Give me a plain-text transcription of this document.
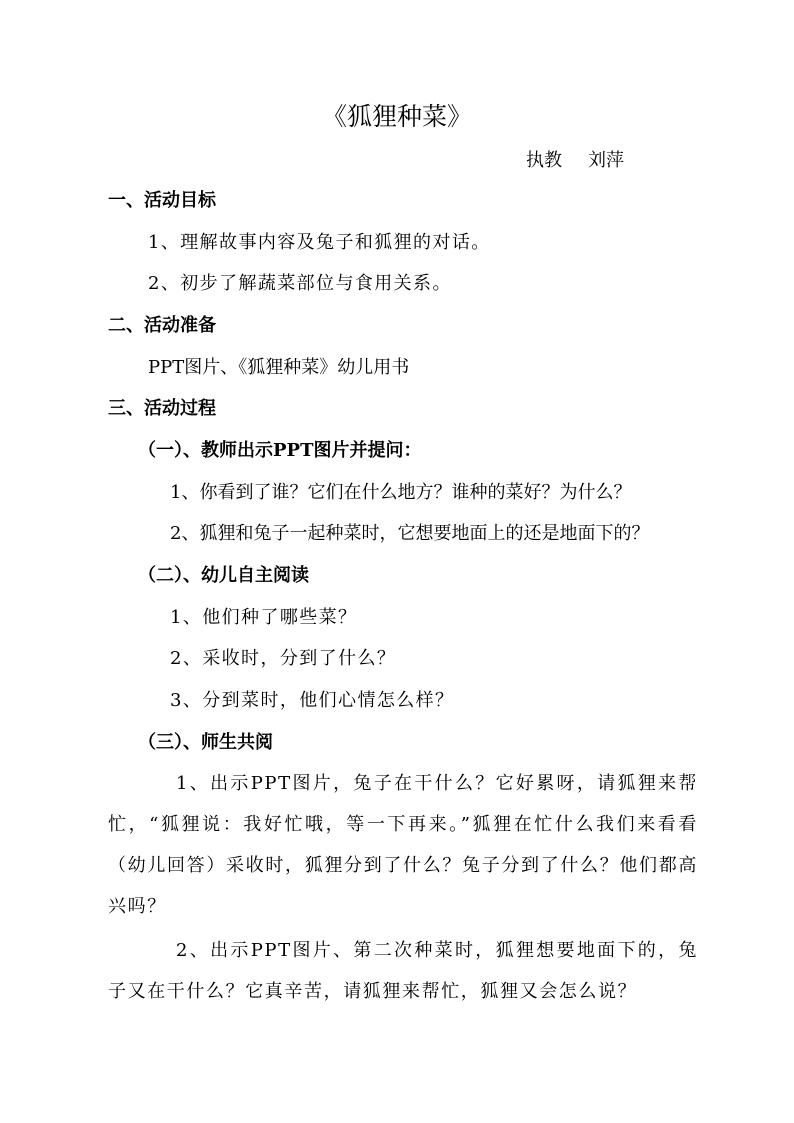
《狐狸种菜》
执教 刘萍
一、活动目标
1、理解故事内容及兔子和狐狸的对话。
2、初步了解蔬菜部位与食用关系。
二、活动准备
PPT图片、《狐狸种菜》幼儿用书
三、活动过程
（一）、教师出示PPT图片并提问：
1、你看到了谁？它们在什么地方？谁种的菜好？为什么？
2、狐狸和兔子一起种菜时，它想要地面上的还是地面下的？
（二）、幼儿自主阅读
1、他们种了哪些菜？
2、采收时，分到了什么？
3、分到菜时，他们心情怎么样？
（三）、师生共阅
1、出示PPT图片，兔子在干什么？它好累呀，请狐狸来帮忙，“狐狸说：我好忙哦，等一下再来。”狐狸在忙什么我们来看看（幼儿回答）采收时，狐狸分到了什么？兔子分到了什么？他们都高兴吗？
2、出示PPT图片、第二次种菜时，狐狸想要地面下的，兔子又在干什么？它真辛苦，请狐狸来帮忙，狐狸又会怎么说？
